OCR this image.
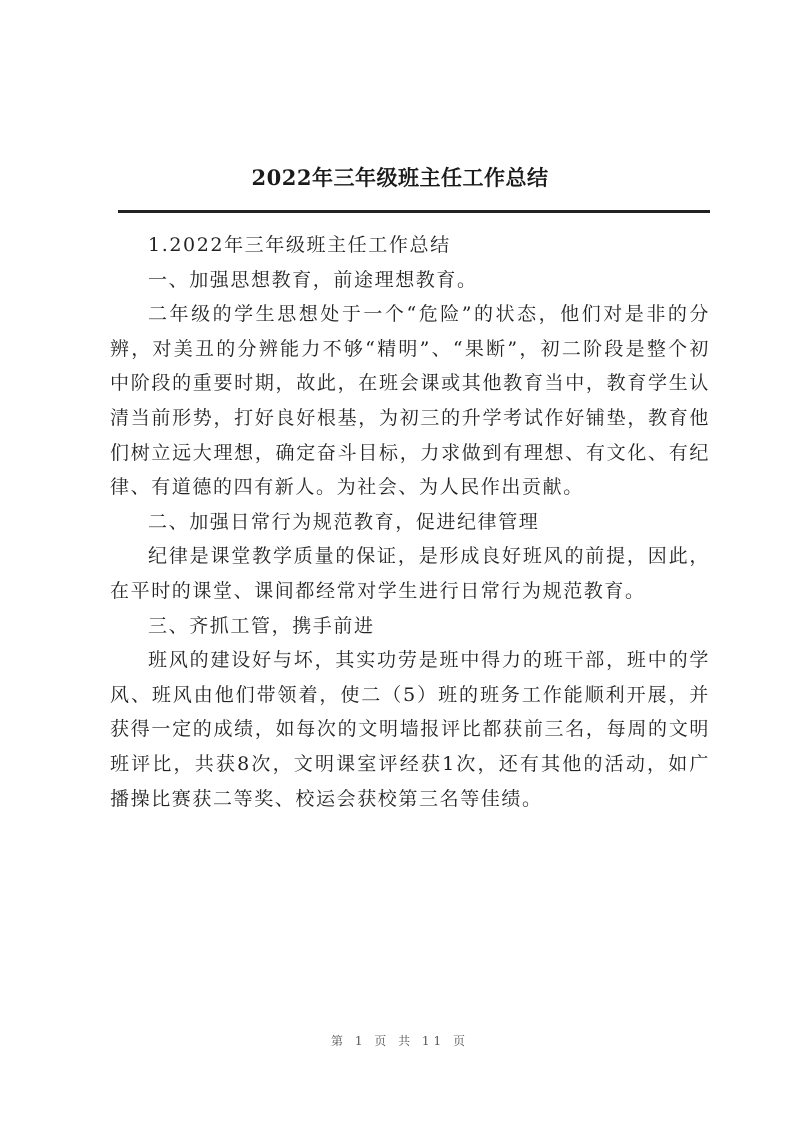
2022年三年级班主任工作总结

1.2022年三年级班主任工作总结

一、加强思想教育，前途理想教育。

二年级的学生思想处于一个“危险”的状态，他们对是非的分辨，对美丑的分辨能力不够“精明”、“果断”，初二阶段是整个初中阶段的重要时期，故此，在班会课或其他教育当中，教育学生认清当前形势，打好良好根基，为初三的升学考试作好铺垫，教育他们树立远大理想，确定奋斗目标，力求做到有理想、有文化、有纪律、有道德的四有新人。为社会、为人民作出贡献。

二、加强日常行为规范教育，促进纪律管理

纪律是课堂教学质量的保证，是形成良好班风的前提，因此，在平时的课堂、课间都经常对学生进行日常行为规范教育。

三、齐抓工管，携手前进

班风的建设好与坏，其实功劳是班中得力的班干部，班中的学风、班风由他们带领着，使二（5）班的班务工作能顺利开展，并获得一定的成绩，如每次的文明墙报评比都获前三名，每周的文明班评比，共获8次，文明课室评经获1次，还有其他的活动，如广播操比赛获二等奖、校运会获校第三名等佳绩。

第 1 页 共 11 页
